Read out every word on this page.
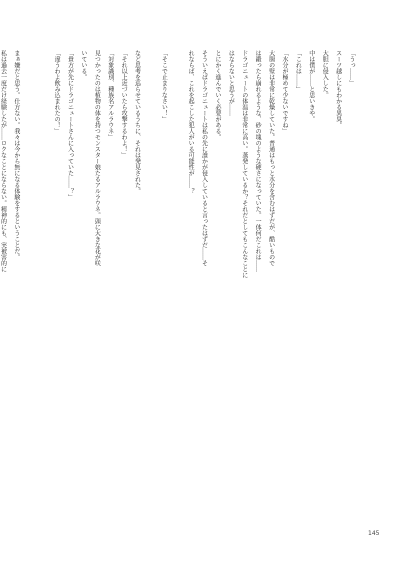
「うっ……」

スーツ越しにもわかる異臭。

大胆に侵入した。

中は僕が……と思いきや。

「これは……」

「水分が極めて少ないですね」

大腸の壁は非常に乾燥していた。普通はもっと水分を含むはずだが、酷いもので

は鍛ったら崩れるような、砂の塊のような硬さになっていた。一体何だこれは……

ドラゴニュートの体温は非常に高い。蒸発しているか？それだとしてもこんなことに

はならないと思うが……

とにかく進んでいく必要がある。

そういえばドラゴニュートは私の先に誰かが侵入していると言ったはずだ……そ

れならば、これを起こした犯人がいる可能性が……？

「そこで止まりなさい！」

など思考を巡らせているうちに、それは発見された。

「それ以上近づいたら攻撃するわよ！」

「対象識別、種族名アルラウネ」

見つかったのは植物の体を持つモンスター娘たるアルラウネ。頭に大きな花が咲

いている。

「貴方が先にドラゴニュートさんに入っていた……？」

「違うわよ飲み込まれたの！」

まぁ嫌だと思う。仕方ない。我々は今から無になる体験をするということだ。

私は過去一度だけ経験したが……ロクなことにならない。精神的にも、実被害的に

145
